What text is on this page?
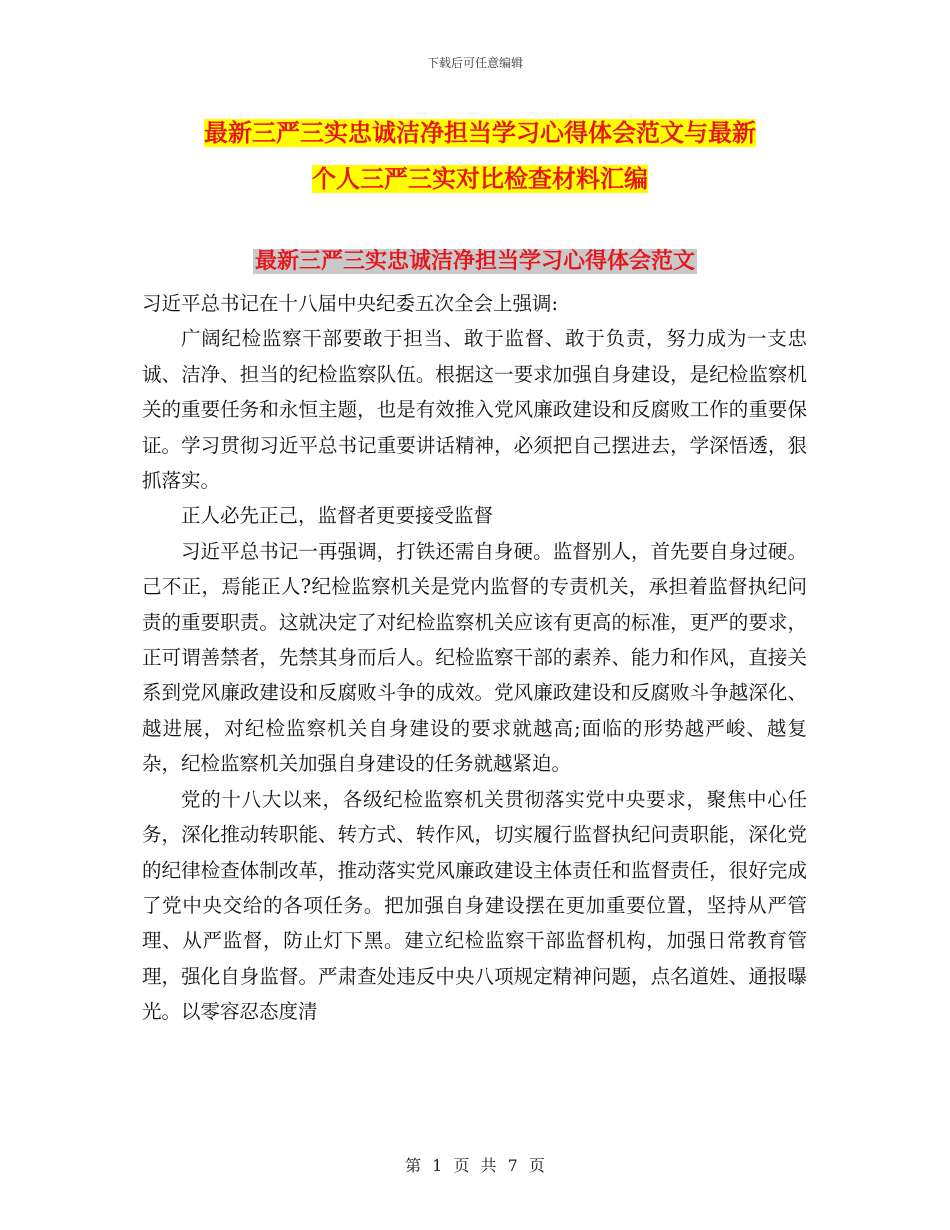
下载后可任意编辑
最新三严三实忠诚洁净担当学习心得体会范文与最新
个人三严三实对比检查材料汇编
最新三严三实忠诚洁净担当学习心得体会范文

习近平总书记在十八届中央纪委五次全会上强调:

广阔纪检监察干部要敢于担当、敢于监督、敢于负责，努力成为一支忠诚、洁净、担当的纪检监察队伍。根据这一要求加强自身建设，是纪检监察机关的重要任务和永恒主题，也是有效推入党风廉政建设和反腐败工作的重要保证。学习贯彻习近平总书记重要讲话精神，必须把自己摆进去，学深悟透，狠抓落实。

正人必先正己，监督者更要接受监督

习近平总书记一再强调，打铁还需自身硬。监督别人，首先要自身过硬。己不正，焉能正人?纪检监察机关是党内监督的专责机关，承担着监督执纪问责的重要职责。这就决定了对纪检监察机关应该有更高的标准，更严的要求，正可谓善禁者，先禁其身而后人。纪检监察干部的素养、能力和作风，直接关系到党风廉政建设和反腐败斗争的成效。党风廉政建设和反腐败斗争越深化、越进展，对纪检监察机关自身建设的要求就越高;面临的形势越严峻、越复杂，纪检监察机关加强自身建设的任务就越紧迫。

党的十八大以来，各级纪检监察机关贯彻落实党中央要求，聚焦中心任务，深化推动转职能、转方式、转作风，切实履行监督执纪问责职能，深化党的纪律检查体制改革，推动落实党风廉政建设主体责任和监督责任，很好完成了党中央交给的各项任务。把加强自身建设摆在更加重要位置，坚持从严管理、从严监督，防止灯下黑。建立纪检监察干部监督机构，加强日常教育管理，强化自身监督。严肃查处违反中央八项规定精神问题，点名道姓、通报曝光。以零容忍态度清

第 1 页 共 7 页
